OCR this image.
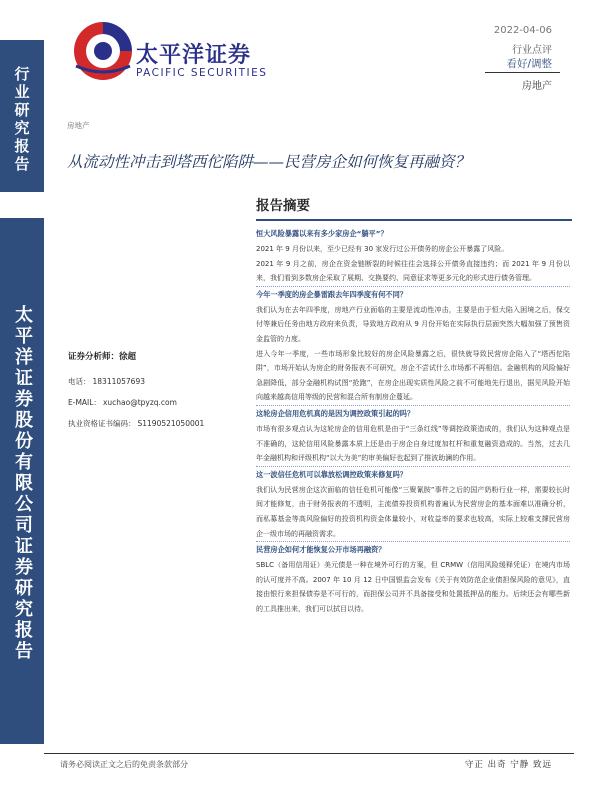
行业研究报告
太平洋证券股份有限公司证券研究报告
太平洋证券
PACIFIC SECURITIES
2022-04-06
行业点评
看好/调整
房地产
房地产
从流动性冲击到塔西佗陷阱——民营房企如何恢复再融资？
证券分析师：徐超
电话： 18311057693
E-MAIL： xuchao@tpyzq.com
执业资格证书编码： S1190521050001
报告摘要
恒大风险暴露以来有多少家房企“躺平”？
2021 年 9 月份以来，至少已经有 30 家发行过公开债务的房企公开暴露了风险。
2021 年 9 月之前，房企在资金链断裂的时候往往会选择公开债务直接违约；而 2021 年 9 月份以来，我们看到多数房企采取了展期、交换要约、同意征求等更多元化的形式进行债务管理。
今年一季度的房企暴雷跟去年四季度有何不同？
我们认为在去年四季度，房地产行业面临的主要是流动性冲击，主要是由于恒大陷入困境之后，保交付等兼后任务由地方政府来负责，导致地方政府从 9 月份开始在实际执行层面突然大幅加强了预售资金监管的力度。
进入今年一季度，一些市场形象比较好的房企风险暴露之后，很快就导致民营房企陷入了“塔西佗陷阱”，市场开始认为房企的财务报表不可研究，房企不尝试什么市场都不再相信。金融机构的风险偏好急剧降低，部分金融机构试图“抢跑”，在房企出现实质性风险之前不可能地先行退出，据见风险开始向越来越高信用等级的民营和混合所有制房企蔓延。
这轮房企信用危机真的是因为调控政策引起的吗？
市场有很多观点认为这轮房企的信用危机是由于“三条红线”等调控政策造成的，我们认为这种观点是不准确的，这轮信用风险暴露本质上还是由于房企自身过度加杠杆和重复融资造成的。当然，过去几年金融机构和评级机构“以大为美”的审美偏好也起到了推波助澜的作用。
这一波信任危机可以靠放松调控政策来修复吗？
我们认为民营房企这次面临的信任危机可能像“三聚氰胺”事件之后的国产奶粉行业一样，需要较长时间才能修复，由于财务报表的不透明，主流债券投资机构普遍认为民营房企的基本面难以准确分析，而私募基金等高风险偏好的投资机构资金体量较小，对收益率的要求也较高，实际上较难支撑民营房企一级市场的再融资需求。
民营房企如何才能恢复公开市场再融资？
SBLC（备用信用证）美元债是一种在境外可行的方案，但 CRMW（信用风险缓释凭证）在境内市场的认可度并不高。2007 年 10 月 12 日中国银监会发布《关于有效防范企业债担保风险的意见》，直接由银行来担保债券是不可行的，而担保公司并不具备接受和处置抵押品的能力。后续还会有哪些新的工具推出来，我们可以拭目以待。
请务必阅读正文之后的免责条款部分	守正 出奇 宁静 致远
